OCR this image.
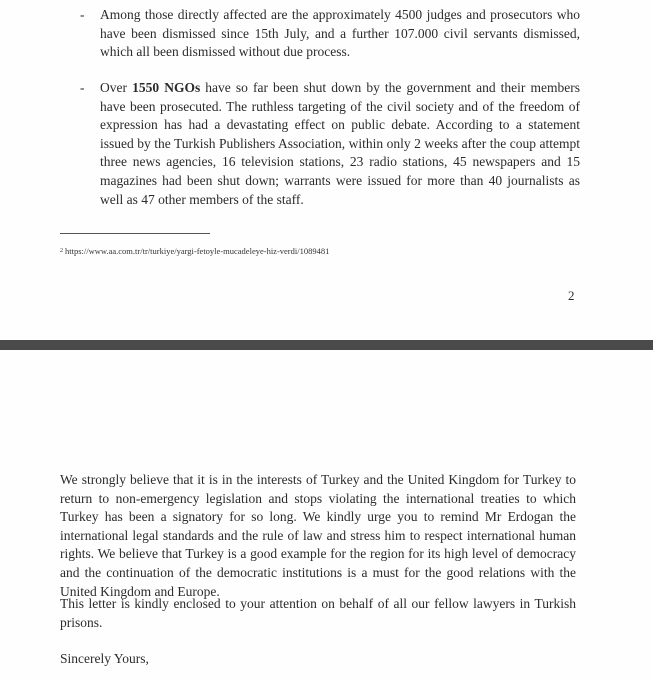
- Among those directly affected are the approximately 4500 judges and prosecutors who have been dismissed since 15th July, and a further 107.000 civil servants dismissed, which all been dismissed without due process.

- Over 1550 NGOs have so far been shut down by the government and their members have been prosecuted. The ruthless targeting of the civil society and of the freedom of expression has had a devastating effect on public debate. According to a statement issued by the Turkish Publishers Association, within only 2 weeks after the coup attempt three news agencies, 16 television stations, 23 radio stations, 45 newspapers and 15 magazines had been shut down; warrants were issued for more than 40 journalists as well as 47 other members of the staff.

$^2$ https://www.aa.com.tr/tr/turkiye/yargi-fetoyle-mucadeleye-hiz-verdi/1089481
2

We strongly believe that it is in the interests of Turkey and the United Kingdom for Turkey to return to non-emergency legislation and stops violating the international treaties to which Turkey has been a signatory for so long. We kindly urge you to remind Mr Erdogan the international legal standards and the rule of law and stress him to respect international human rights. We believe that Turkey is a good example for the region for its high level of democracy and the continuation of the democratic institutions is a must for the good relations with the United Kingdom and Europe.

This letter is kindly enclosed to your attention on behalf of all our fellow lawyers in Turkish prisons.

Sincerely Yours,
